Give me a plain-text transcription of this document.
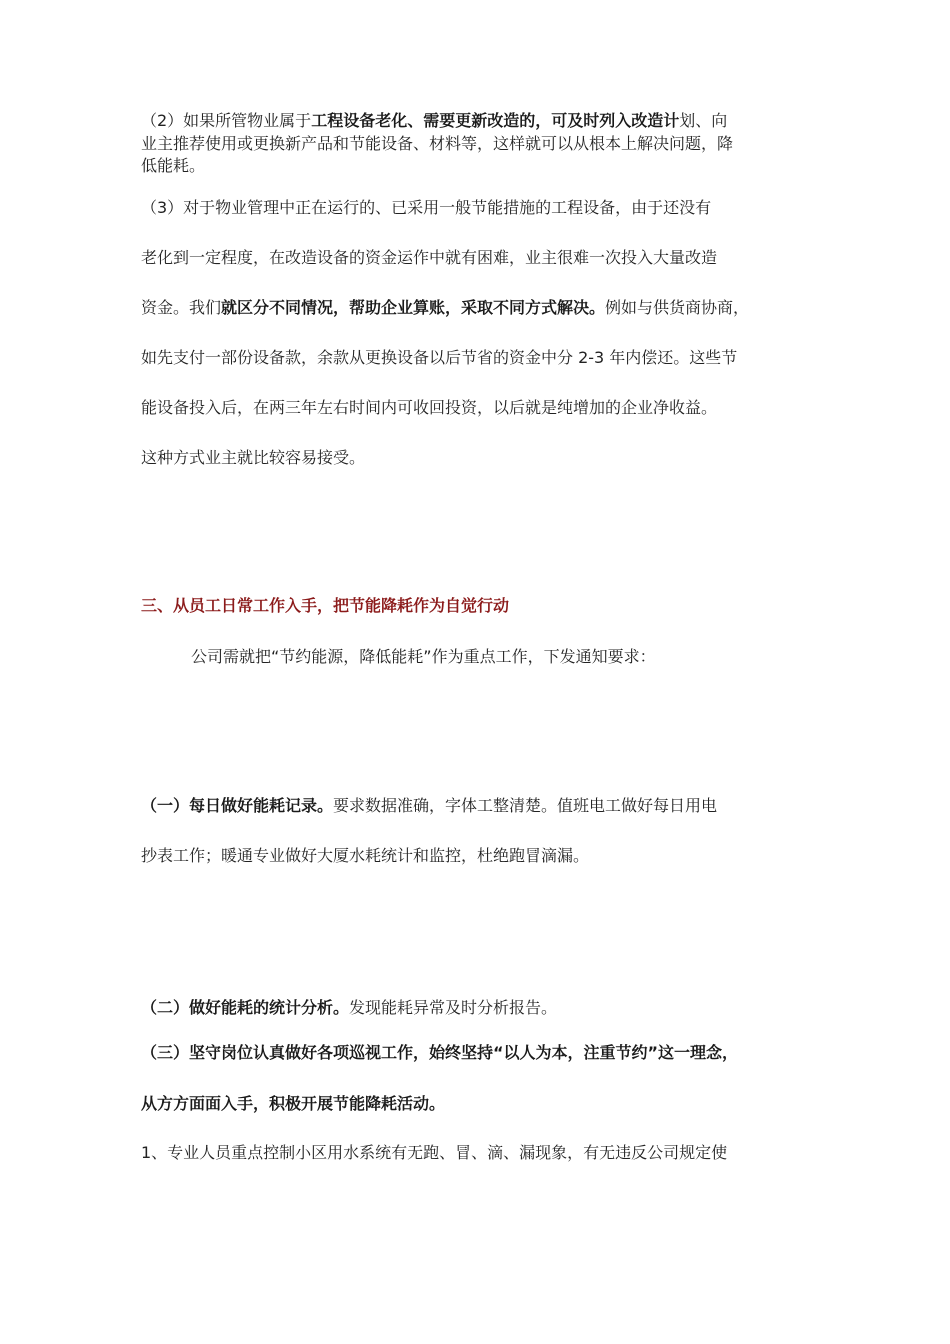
（2）如果所管物业属于工程设备老化、需要更新改造的，可及时列入改造计划、向
业主推荐使用或更换新产品和节能设备、材料等，这样就可以从根本上解决问题，降
低能耗。
（3）对于物业管理中正在运行的、已采用一般节能措施的工程设备，由于还没有
老化到一定程度，在改造设备的资金运作中就有困难，业主很难一次投入大量改造
资金。我们就区分不同情况，帮助企业算账，采取不同方式解决。例如与供货商协商，
如先支付一部份设备款，余款从更换设备以后节省的资金中分 2-3 年内偿还。这些节
能设备投入后，在两三年左右时间内可收回投资，以后就是纯增加的企业净收益。
这种方式业主就比较容易接受。
三、从员工日常工作入手，把节能降耗作为自觉行动
公司需就把“节约能源，降低能耗”作为重点工作，下发通知要求：
（一）每日做好能耗记录。要求数据准确，字体工整清楚。值班电工做好每日用电
抄表工作；暖通专业做好大厦水耗统计和监控，杜绝跑冒滴漏。
（二）做好能耗的统计分析。发现能耗异常及时分析报告。
（三）坚守岗位认真做好各项巡视工作，始终坚持“以人为本，注重节约”这一理念，
从方方面面入手，积极开展节能降耗活动。
1、专业人员重点控制小区用水系统有无跑、冒、滴、漏现象，有无违反公司规定使
